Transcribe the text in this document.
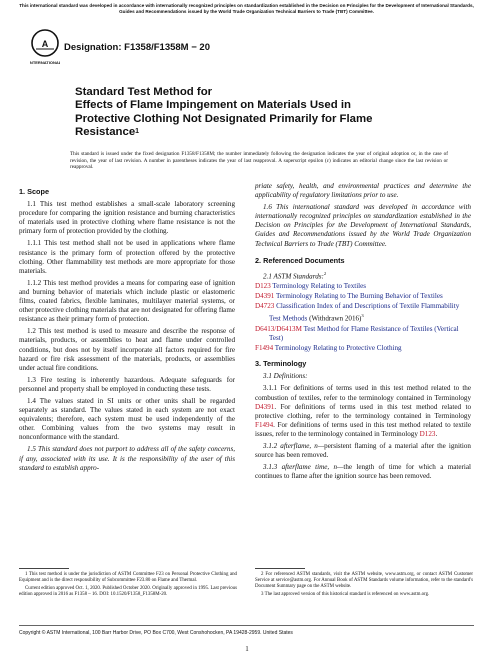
This international standard was developed in accordance with internationally recognized principles on standardization established in the Decision on Principles for the Development of International Standards, Guides and Recommendations issued by the World Trade Organization Technical Barriers to Trade (TBT) Committee.
A
INTERNATIONAL
Designation: F1358/F1358M − 20
Standard Test Method for
Effects of Flame Impingement on Materials Used in
Protective Clothing Not Designated Primarily for Flame
Resistance$^1$
This standard is issued under the fixed designation F1358/F1358M; the number immediately following the designation indicates the year of original adoption or, in the case of revision, the year of last revision. A number in parentheses indicates the year of last reapproval. A superscript epsilon (ε) indicates an editorial change since the last revision or reapproval.
1. Scope
1.1 This test method establishes a small-scale laboratory screening procedure for comparing the ignition resistance and burning characteristics of materials used in protective clothing where flame resistance is not the primary form of protection provided by the clothing.
1.1.1 This test method shall not be used in applications where flame resistance is the primary form of protection offered by the protective clothing. Other flammability test methods are more appropriate for those materials.
1.1.2 This test method provides a means for comparing ease of ignition and burning behavior of materials which include plastic or elastomeric films, coated fabrics, flexible laminates, multilayer material systems, or other protective clothing materials that are not designated for offering flame resistance as their primary form of protection.
1.2 This test method is used to measure and describe the response of materials, products, or assemblies to heat and flame under controlled conditions, but does not by itself incorporate all factors required for fire hazard or fire risk assessment of the materials, products, or assemblies under actual fire conditions.
1.3 Fire testing is inherently hazardous. Adequate safeguards for personnel and property shall be employed in conducting these tests.
1.4 The values stated in SI units or other units shall be regarded separately as standard. The values stated in each system are not exact equivalents; therefore, each system must be used independently of the other. Combining values from the two systems may result in nonconformance with the standard.
1.5 This standard does not purport to address all of the safety concerns, if any, associated with its use. It is the responsibility of the user of this standard to establish appro-
priate safety, health, and environmental practices and determine the applicability of regulatory limitations prior to use.
1.6 This international standard was developed in accordance with internationally recognized principles on standardization established in the Decision on Principles for the Development of International Standards, Guides and Recommendations issued by the World Trade Organization Technical Barriers to Trade (TBT) Committee.
2. Referenced Documents
2.1 ASTM Standards:$^2$
D123 Terminology Relating to Textiles
D4391 Terminology Relating to The Burning Behavior of Textiles
D4723 Classification Index of and Descriptions of Textile Flammability Test Methods (Withdrawn 2016)$^3$
D6413/D6413M Test Method for Flame Resistance of Textiles (Vertical Test)
F1494 Terminology Relating to Protective Clothing
3. Terminology
3.1 Definitions:
3.1.1 For definitions of terms used in this test method related to the combustion of textiles, refer to the terminology contained in Terminology D4391. For definitions of terms used in this test method related to protective clothing, refer to the terminology contained in Terminology F1494. For definitions of terms used in this test method related to textile issues, refer to the terminology contained in Terminology D123.
3.1.2 afterflame, n—persistent flaming of a material after the ignition source has been removed.
3.1.3 afterflame time, n—the length of time for which a material continues to flame after the ignition source has been removed.
1 This test method is under the jurisdiction of ASTM Committee F23 on Personal Protective Clothing and Equipment and is the direct responsibility of Subcommittee F23.80 on Flame and Thermal.
Current edition approved Oct. 1, 2020. Published October 2020. Originally approved in 1995. Last previous edition approved in 2016 as F1358 – 16. DOI: 10.1520/F1358_F1358M-20.
2 For referenced ASTM standards, visit the ASTM website, www.astm.org, or contact ASTM Customer Service at service@astm.org. For Annual Book of ASTM Standards volume information, refer to the standard's Document Summary page on the ASTM website.
3 The last approved version of this historical standard is referenced on www.astm.org.
Copyright © ASTM International, 100 Barr Harbor Drive, PO Box C700, West Conshohocken, PA 19428-2959. United States
1
